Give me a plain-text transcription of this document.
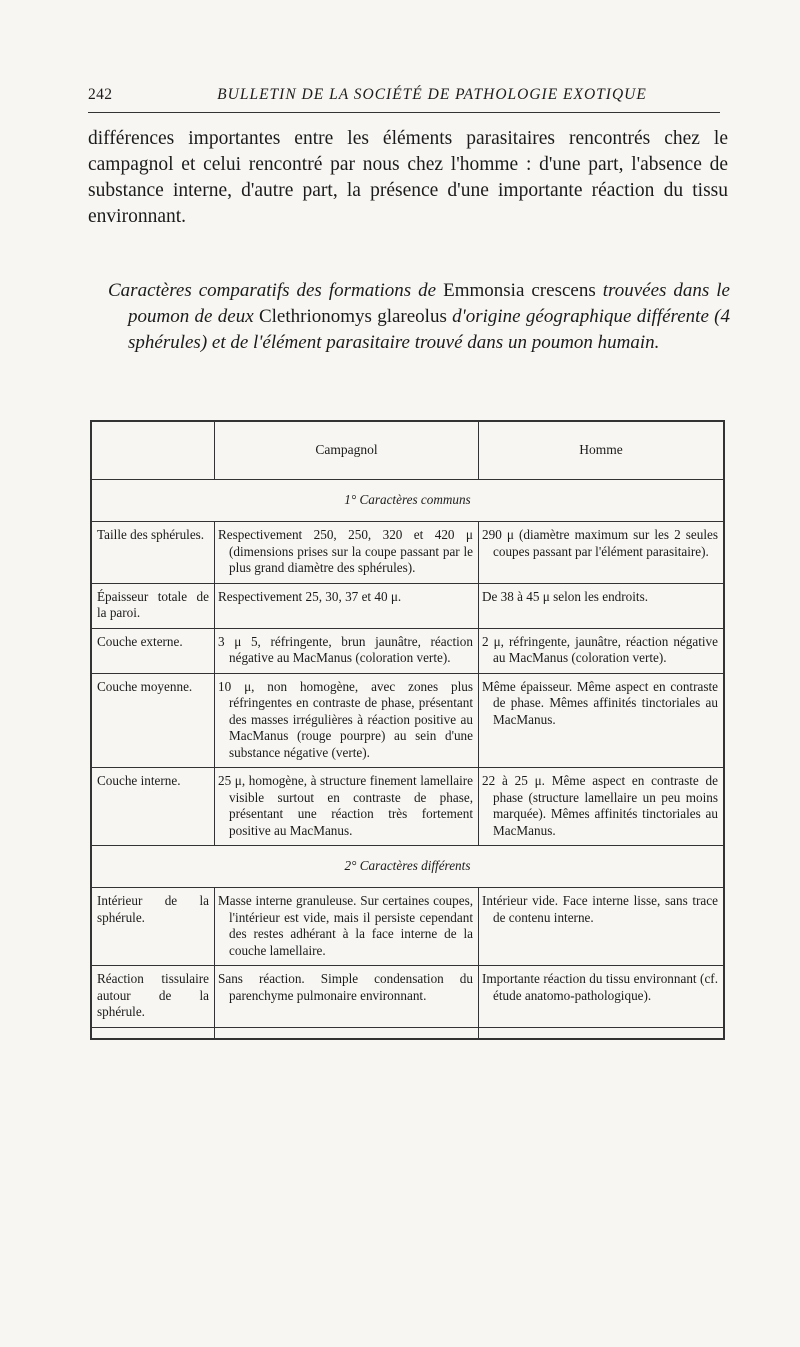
242	BULLETIN DE LA SOCIÉTÉ DE PATHOLOGIE EXOTIQUE

différences importantes entre les éléments parasitaires rencontrés chez le campagnol et celui rencontré par nous chez l'homme : d'une part, l'absence de substance interne, d'autre part, la présence d'une importante réaction du tissu environnant.

Caractères comparatifs des formations de Emmonsia crescens trouvées dans le poumon de deux Clethrionomys glareolus d'origine géographique différente (4 sphérules) et de l'élément parasitaire trouvé dans un poumon humain.

	Campagnol	Homme
1° Caractères communs		
Taille des sphérules.	Respectivement 250, 250, 320 et 420 μ (dimensions prises sur la coupe passant par le plus grand diamètre des sphérules).	290 μ (diamètre maximum sur les 2 seules coupes passant par l'élément parasitaire).
Épaisseur totale de la paroi.	Respectivement 25, 30, 37 et 40 μ.	De 38 à 45 μ selon les endroits.
Couche externe.	3 μ 5, réfringente, brun jaunâtre, réaction négative au MacManus (coloration verte).	2 μ, réfringente, jaunâtre, réaction négative au MacManus (coloration verte).
Couche moyenne.	10 μ, non homogène, avec zones plus réfringentes en contraste de phase, présentant des masses irrégulières à réaction positive au MacManus (rouge pourpre) au sein d'une substance négative (verte).	Même épaisseur. Même aspect en contraste de phase. Mêmes affinités tinctoriales au MacManus.
Couche interne.	25 μ, homogène, à structure finement lamellaire visible surtout en contraste de phase, présentant une réaction très fortement positive au MacManus.	22 à 25 μ. Même aspect en contraste de phase (structure lamellaire un peu moins marquée). Mêmes affinités tinctoriales au MacManus.
2° Caractères différents		
Intérieur de la sphérule.	Masse interne granuleuse. Sur certaines coupes, l'intérieur est vide, mais il persiste cependant des restes adhérant à la face interne de la couche lamellaire.	Intérieur vide. Face interne lisse, sans trace de contenu interne.
Réaction tissulaire autour de la sphérule.	Sans réaction. Simple condensation du parenchyme pulmonaire environnant.	Importante réaction du tissu environnant (cf. étude anatomo-pathologique).
